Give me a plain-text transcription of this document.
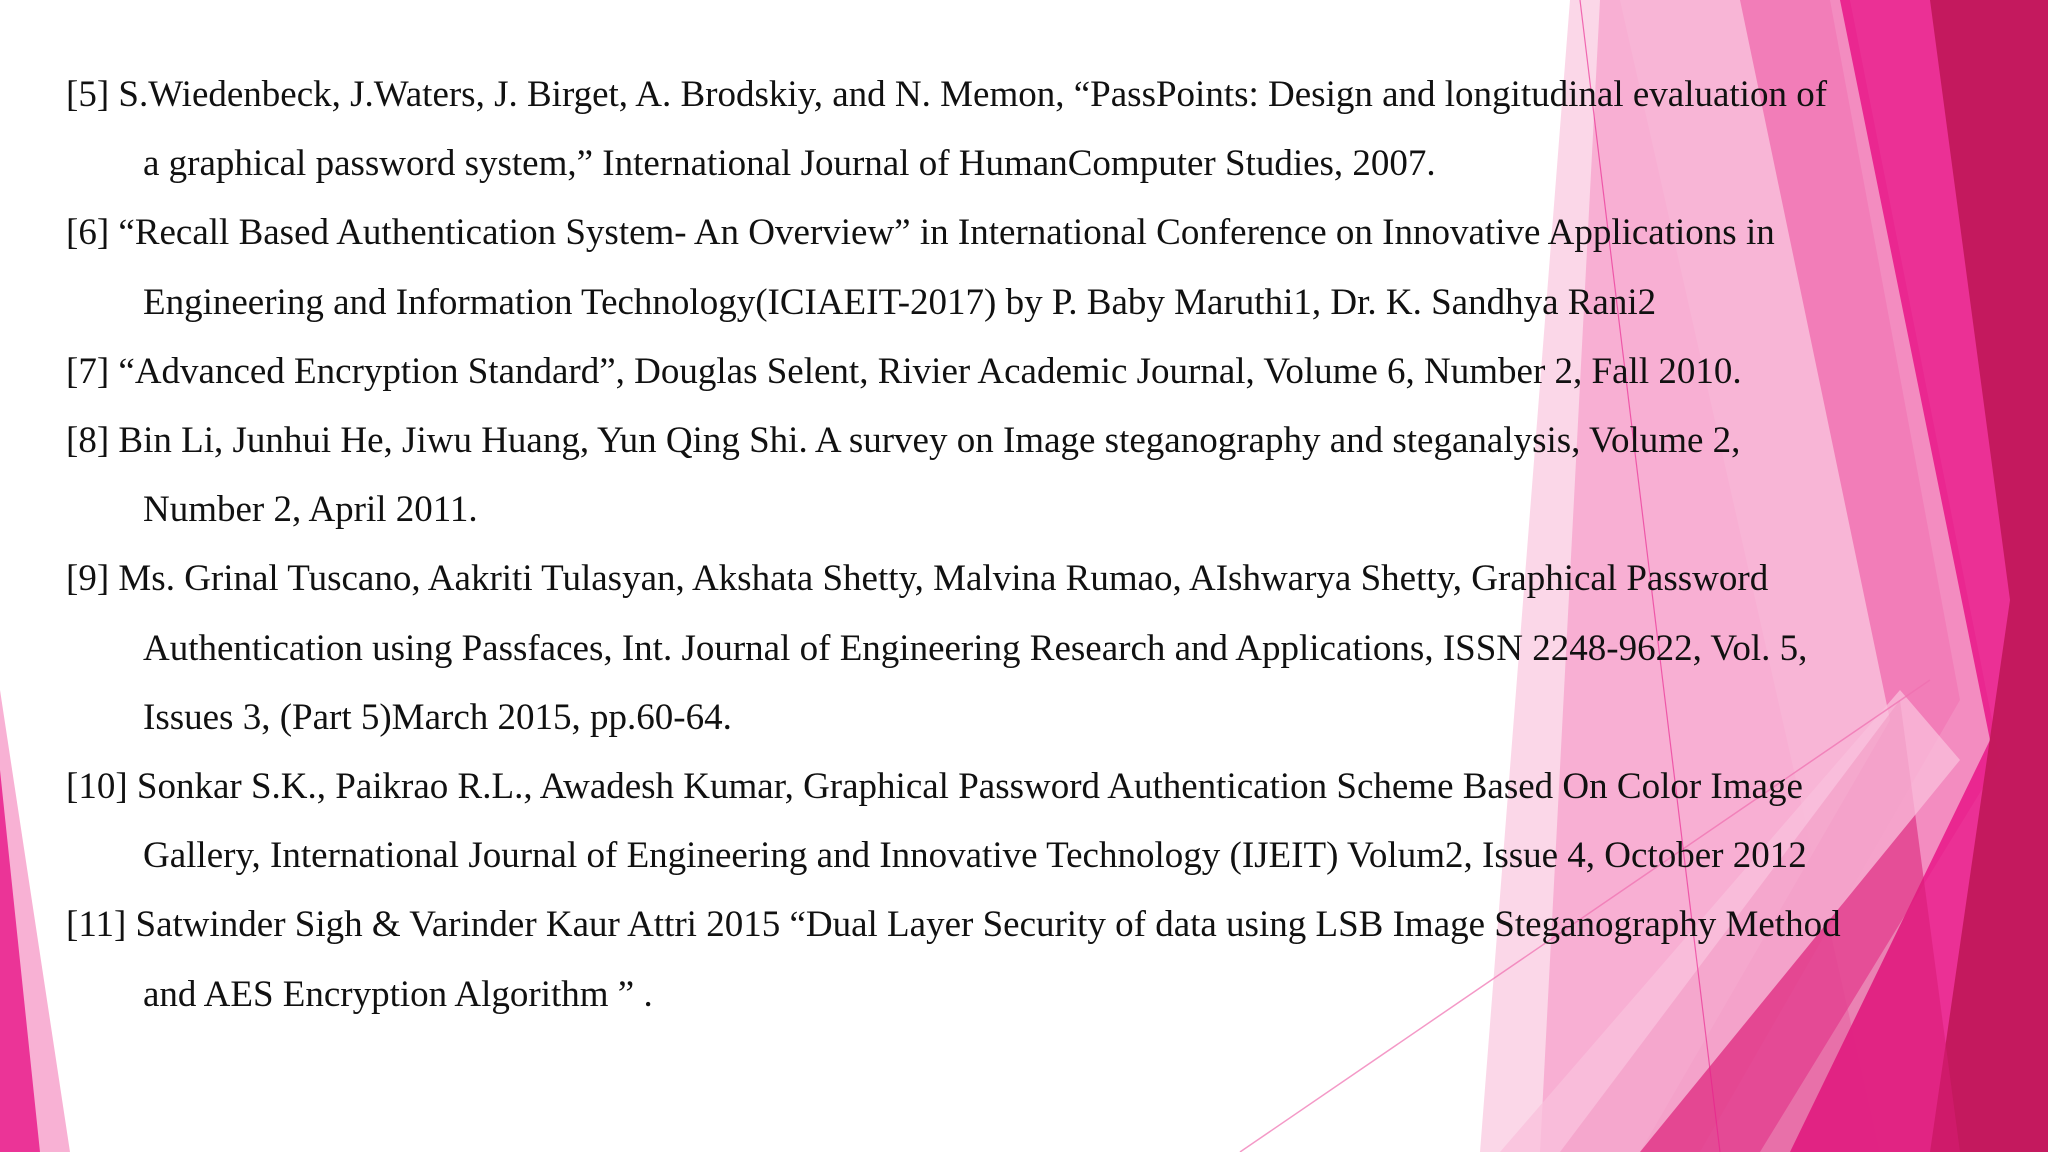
[5] S.Wiedenbeck, J.Waters, J. Birget, A. Brodskiy, and N. Memon, “PassPoints: Design and longitudinal evaluation of
a graphical password system,” International Journal of HumanComputer Studies, 2007.
[6] “Recall Based Authentication System- An Overview” in International Conference on Innovative Applications in
Engineering and Information Technology(ICIAEIT-2017) by P. Baby Maruthi1, Dr. K. Sandhya Rani2
[7] “Advanced Encryption Standard”, Douglas Selent, Rivier Academic Journal, Volume 6, Number 2, Fall 2010.
[8] Bin Li, Junhui He, Jiwu Huang, Yun Qing Shi. A survey on Image steganography and steganalysis, Volume 2,
Number 2, April 2011.
[9] Ms. Grinal Tuscano, Aakriti Tulasyan, Akshata Shetty, Malvina Rumao, AIshwarya Shetty, Graphical Password
Authentication using Passfaces, Int. Journal of Engineering Research and Applications, ISSN 2248-9622, Vol. 5,
Issues 3, (Part 5)March 2015, pp.60-64.
[10] Sonkar S.K., Paikrao R.L., Awadesh Kumar, Graphical Password Authentication Scheme Based On Color Image
Gallery, International Journal of Engineering and Innovative Technology (IJEIT) Volum2, Issue 4, October 2012
[11] Satwinder Sigh & Varinder Kaur Attri 2015 “Dual Layer Security of data using LSB Image Steganography Method
and AES Encryption Algorithm ” .
